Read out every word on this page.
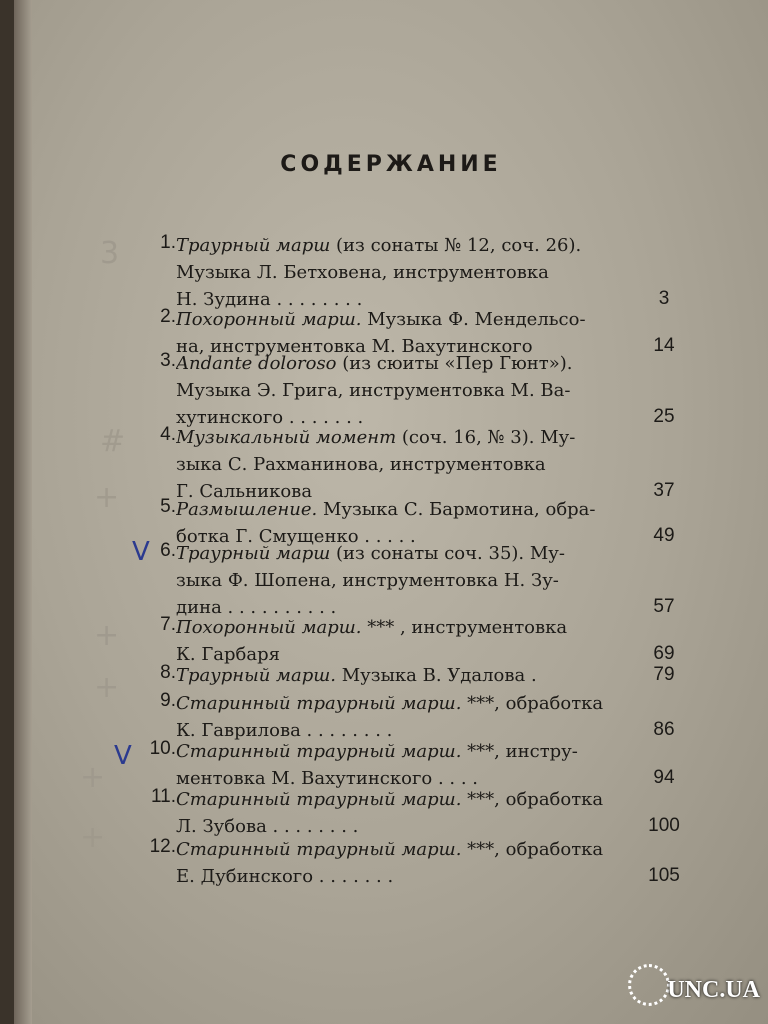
3
#
+
+
+
+
+
V
V
СОДЕРЖАНИЕ
1. Траурный марш (из сонаты № 12, соч. 26).
Музыка Л. Бетховена, инструментовка
Н. Зудина . . . . . . . .	3
2. Похоронный марш. Музыка Ф. Мендельсо-
на, инструментовка М. Вахутинского	14
3. Andante doloroso (из сюиты «Пер Гюнт»).
Музыка Э. Грига, инструментовка М. Ва-
хутинского . . . . . . .	25
4. Музыкальный момент (соч. 16, № 3). Му-
зыка С. Рахманинова, инструментовка
Г. Сальникова	37
5. Размышление. Музыка С. Бармотина, обра-
ботка Г. Смущенко . . . . .	49
6. Траурный марш (из сонаты соч. 35). Му-
зыка Ф. Шопена, инструментовка Н. Зу-
дина . . . . . . . . . .	57
7. Похоронный марш. *** , инструментовка
К. Гарбаря	69
8. Траурный марш. Музыка В. Удалова .	79
9. Старинный траурный марш. ***, обработка
К. Гаврилова . . . . . . . .	86
10. Старинный траурный марш. ***, инстру-
ментовка М. Вахутинского . . . .	94
11. Старинный траурный марш. ***, обработка
Л. Зубова . . . . . . . .	100
12. Старинный траурный марш. ***, обработка
Е. Дубинского . . . . . . .	105
UNC.UA
